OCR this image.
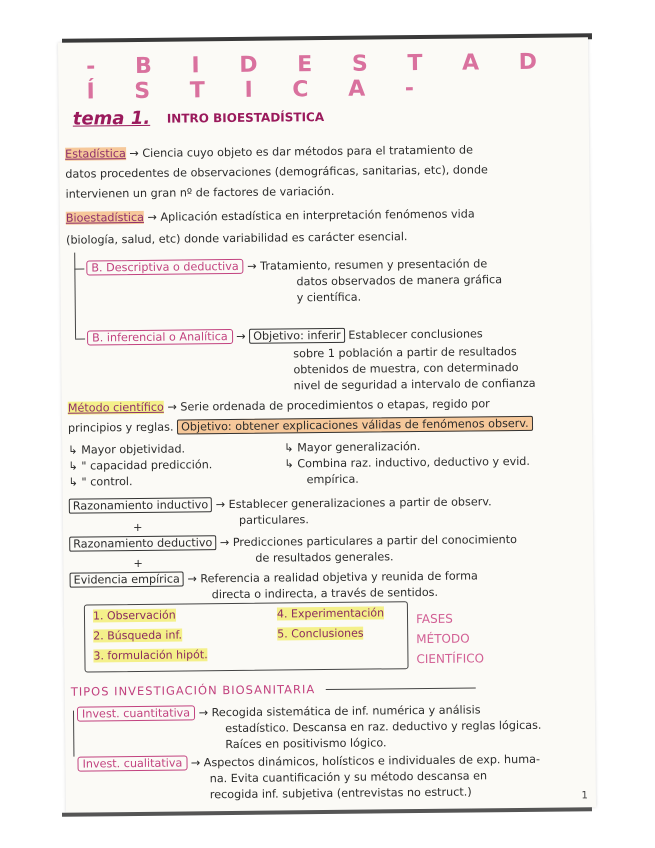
- B I D E S T A D Í S T I C A -
tema 1. INTRO BIOESTADÍSTICA
Estadística → Ciencia cuyo objeto es dar métodos para el tratamiento de
datos procedentes de observaciones (demográficas, sanitarias, etc), donde
intervienen un gran nº de factores de variación.
Bioestadística → Aplicación estadística en interpretación fenómenos vida
(biología, salud, etc) donde variabilidad es carácter esencial.
B. Descriptiva o deductiva → Tratamiento, resumen y presentación de
datos observados de manera gráfica
y científica.
B. inferencial o Analítica → Objetivo: inferir Establecer conclusiones
sobre 1 población a partir de resultados
obtenidos de muestra, con determinado
nivel de seguridad a intervalo de confianza
Método científico → Serie ordenada de procedimientos o etapas, regido por
principios y reglas. Objetivo: obtener explicaciones válidas de fenómenos observ.
↳ Mayor objetividad.
↳ " capacidad predicción.
↳ " control.
↳ Mayor generalización.
↳ Combina raz. inductivo, deductivo y evid.
empírica.
Razonamiento inductivo → Establecer generalizaciones a partir de observ.
particulares.
+
Razonamiento deductivo → Predicciones particulares a partir del conocimiento
de resultados generales.
+
Evidencia empírica → Referencia a realidad objetiva y reunida de forma
directa o indirecta, a través de sentidos.
1. Observación
2. Búsqueda inf.
3. formulación hipót.
4. Experimentación
5. Conclusiones
FASES
MÉTODO
CIENTÍFICO
TIPOS INVESTIGACIÓN BIOSANITARIA
Invest. cuantitativa → Recogida sistemática de inf. numérica y análisis
estadístico. Descansa en raz. deductivo y reglas lógicas.
Raíces en positivismo lógico.
Invest. cualitativa → Aspectos dinámicos, holísticos e individuales de exp. huma-
na. Evita cuantificación y su método descansa en
recogida inf. subjetiva (entrevistas no estruct.)	1
